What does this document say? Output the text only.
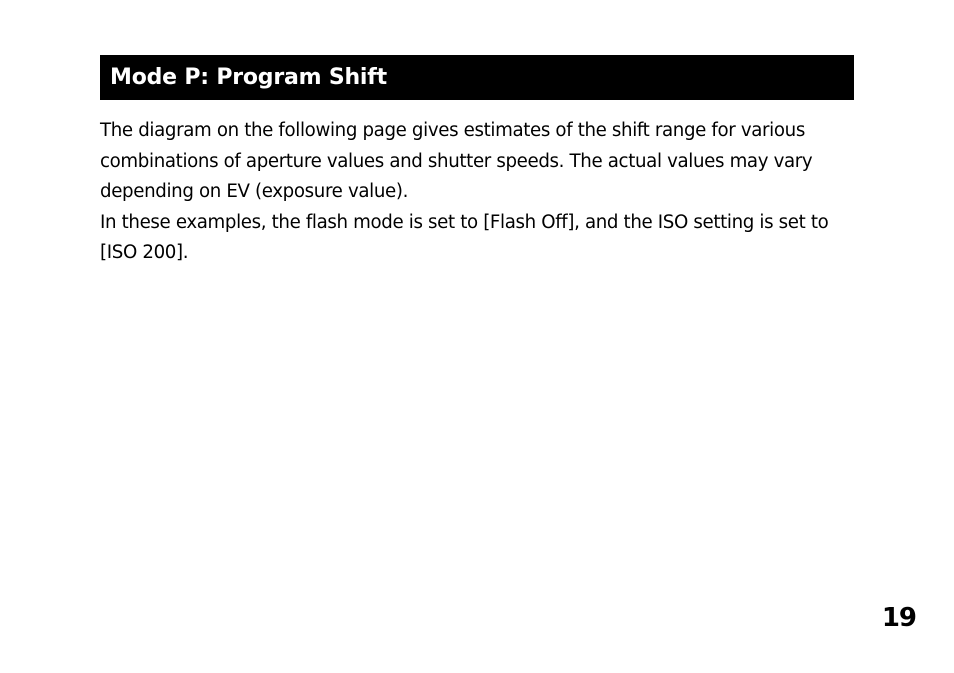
Mode P: Program Shift

The diagram on the following page gives estimates of the shift range for various combinations of aperture values and shutter speeds. The actual values may vary depending on EV (exposure value).

In these examples, the flash mode is set to [Flash Off], and the ISO setting is set to [ISO 200].

19
